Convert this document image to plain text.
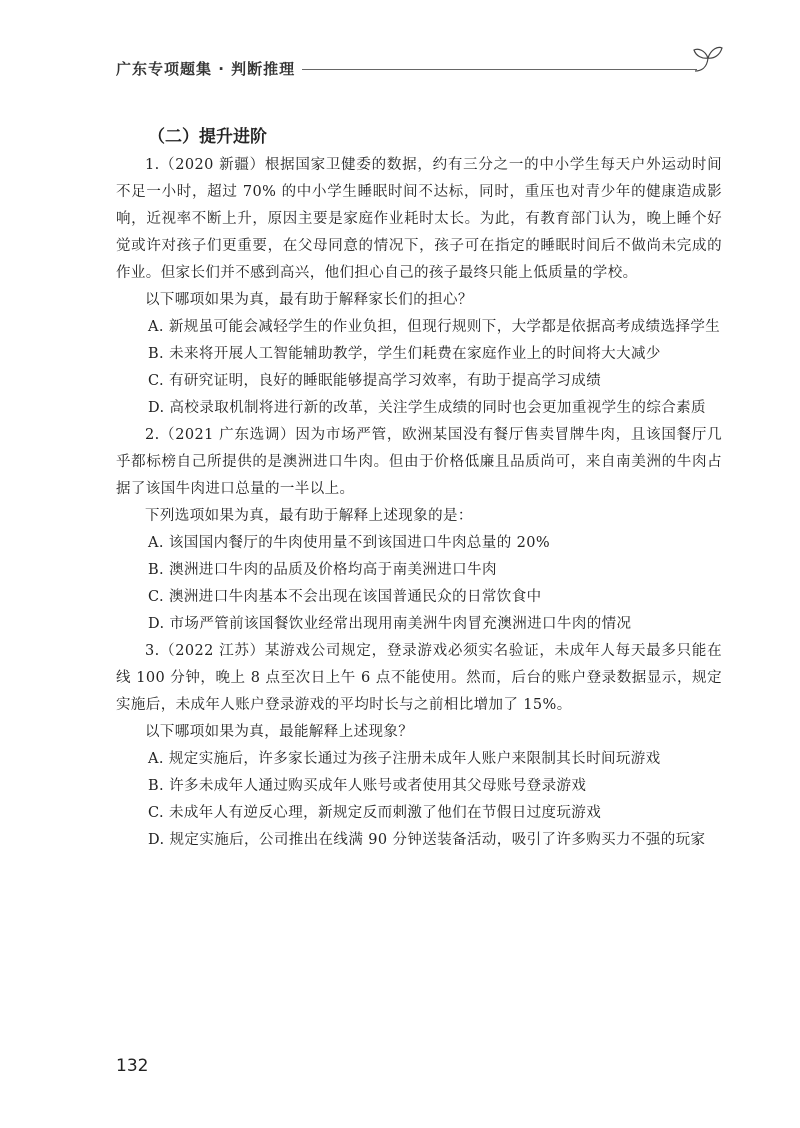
广东专项题集 · 判断推理
（二）提升进阶

1.（2020 新疆）根据国家卫健委的数据，约有三分之一的中小学生每天户外运动时间不足一小时，超过 70% 的中小学生睡眠时间不达标，同时，重压也对青少年的健康造成影响，近视率不断上升，原因主要是家庭作业耗时太长。为此，有教育部门认为，晚上睡个好觉或许对孩子们更重要，在父母同意的情况下，孩子可在指定的睡眠时间后不做尚未完成的作业。但家长们并不感到高兴，他们担心自己的孩子最终只能上低质量的学校。

以下哪项如果为真，最有助于解释家长们的担心？

A. 新规虽可能会减轻学生的作业负担，但现行规则下，大学都是依据高考成绩选择学生

B. 未来将开展人工智能辅助教学，学生们耗费在家庭作业上的时间将大大减少

C. 有研究证明，良好的睡眠能够提高学习效率，有助于提高学习成绩

D. 高校录取机制将进行新的改革，关注学生成绩的同时也会更加重视学生的综合素质

2.（2021 广东选调）因为市场严管，欧洲某国没有餐厅售卖冒牌牛肉，且该国餐厅几乎都标榜自己所提供的是澳洲进口牛肉。但由于价格低廉且品质尚可，来自南美洲的牛肉占据了该国牛肉进口总量的一半以上。

下列选项如果为真，最有助于解释上述现象的是：

A. 该国国内餐厅的牛肉使用量不到该国进口牛肉总量的 20%

B. 澳洲进口牛肉的品质及价格均高于南美洲进口牛肉

C. 澳洲进口牛肉基本不会出现在该国普通民众的日常饮食中

D. 市场严管前该国餐饮业经常出现用南美洲牛肉冒充澳洲进口牛肉的情况

3.（2022 江苏）某游戏公司规定，登录游戏必须实名验证，未成年人每天最多只能在线 100 分钟，晚上 8 点至次日上午 6 点不能使用。然而，后台的账户登录数据显示，规定实施后，未成年人账户登录游戏的平均时长与之前相比增加了 15%。

以下哪项如果为真，最能解释上述现象？

A. 规定实施后，许多家长通过为孩子注册未成年人账户来限制其长时间玩游戏

B. 许多未成年人通过购买成年人账号或者使用其父母账号登录游戏

C. 未成年人有逆反心理，新规定反而刺激了他们在节假日过度玩游戏

D. 规定实施后，公司推出在线满 90 分钟送装备活动，吸引了许多购买力不强的玩家

132
